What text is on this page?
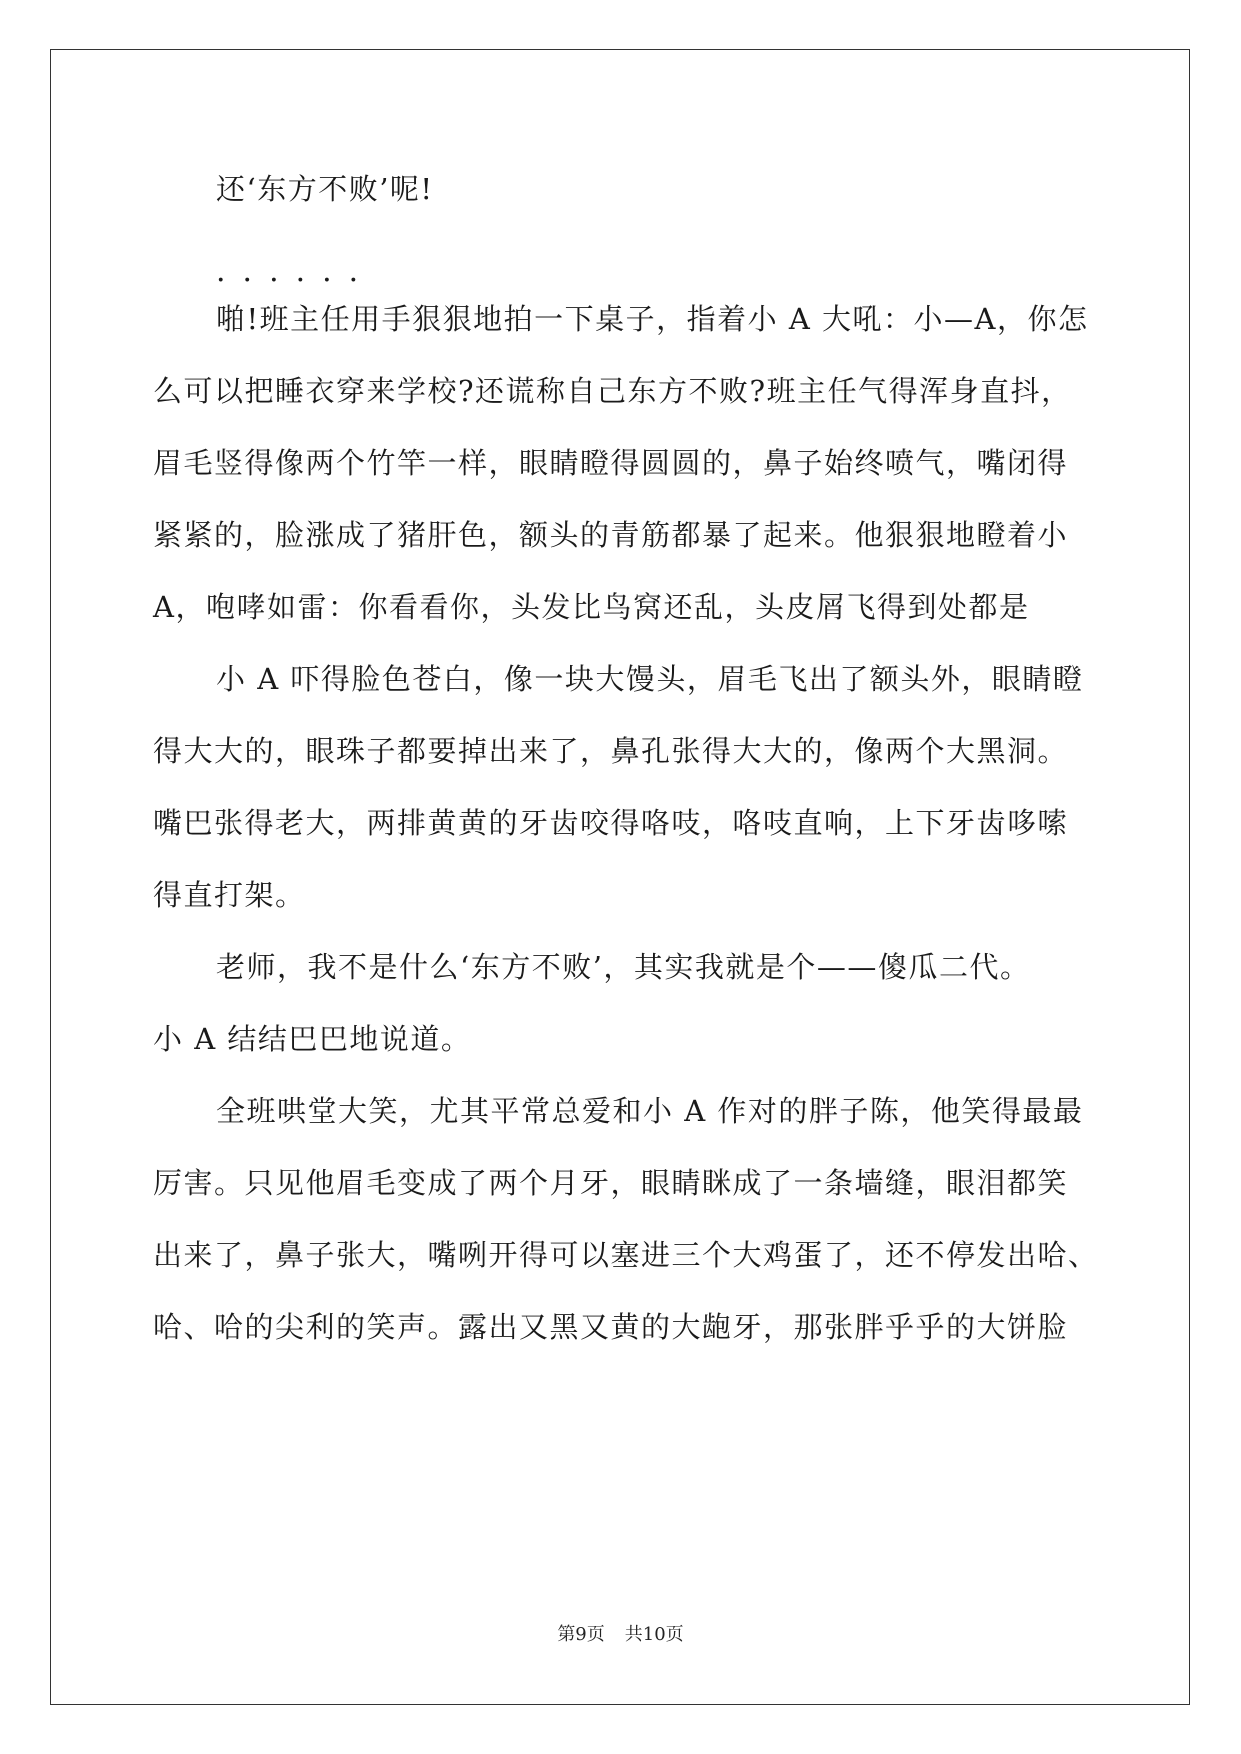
还‘东方不败’呢!
······
啪!班主任用手狠狠地拍一下桌子，指着小 A 大吼：小—A，你怎
么可以把睡衣穿来学校?还谎称自己东方不败?班主任气得浑身直抖，
眉毛竖得像两个竹竿一样，眼睛瞪得圆圆的，鼻子始终喷气，嘴闭得
紧紧的，脸涨成了猪肝色，额头的青筋都暴了起来。他狠狠地瞪着小
A，咆哮如雷：你看看你，头发比鸟窝还乱，头皮屑飞得到处都是
小 A 吓得脸色苍白，像一块大馒头，眉毛飞出了额头外，眼睛瞪
得大大的，眼珠子都要掉出来了，鼻孔张得大大的，像两个大黑洞。
嘴巴张得老大，两排黄黄的牙齿咬得咯吱，咯吱直响，上下牙齿哆嗦
得直打架。
老师，我不是什么‘东方不败’，其实我就是个——傻瓜二代。
小 A 结结巴巴地说道。
全班哄堂大笑，尤其平常总爱和小 A 作对的胖子陈，他笑得最最
厉害。只见他眉毛变成了两个月牙，眼睛眯成了一条墙缝，眼泪都笑
出来了，鼻子张大，嘴咧开得可以塞进三个大鸡蛋了，还不停发出哈、
哈、哈的尖利的笑声。露出又黑又黄的大龅牙，那张胖乎乎的大饼脸
第9页 共10页
